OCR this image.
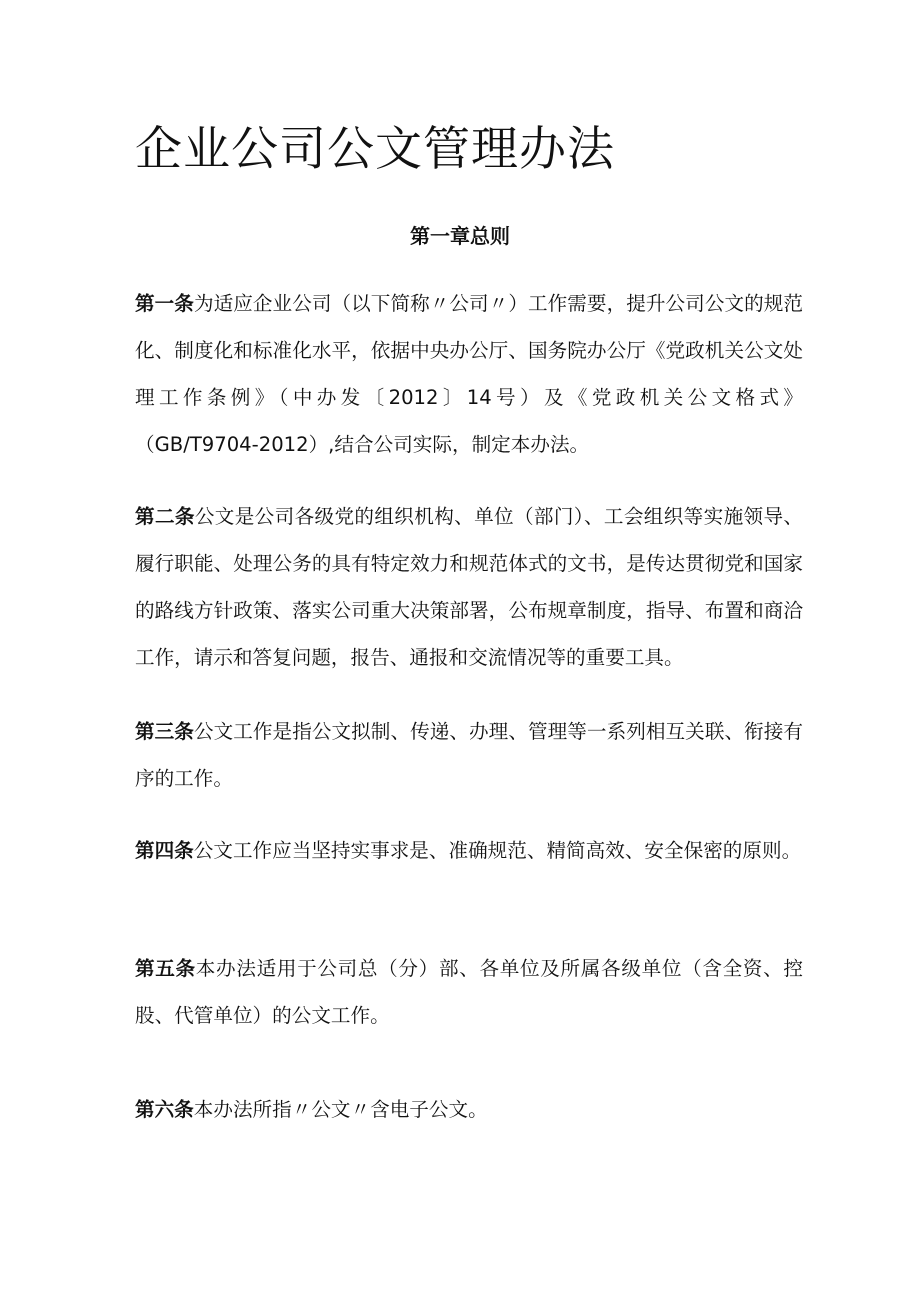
企业公司公文管理办法
第一章总则

第一条为适应企业公司（以下简称〃公司〃）工作需要，提升公司公文的规范化、制度化和标准化水平，依据中央办公厅、国务院办公厅《党政机关公文处理工作条例》（中办发〔2012〕14号）及《党政机关公文格式》（GB/T9704-2012）,结合公司实际，制定本办法。

第二条公文是公司各级党的组织机构、单位（部门）、工会组织等实施领导、履行职能、处理公务的具有特定效力和规范体式的文书，是传达贯彻党和国家的路线方针政策、落实公司重大决策部署，公布规章制度，指导、布置和商洽工作，请示和答复问题，报告、通报和交流情况等的重要工具。

第三条公文工作是指公文拟制、传递、办理、管理等一系列相互关联、衔接有序的工作。

第四条公文工作应当坚持实事求是、准确规范、精简高效、安全保密的原则。

第五条本办法适用于公司总（分）部、各单位及所属各级单位（含全资、控股、代管单位）的公文工作。

第六条本办法所指〃公文〃含电子公文。
